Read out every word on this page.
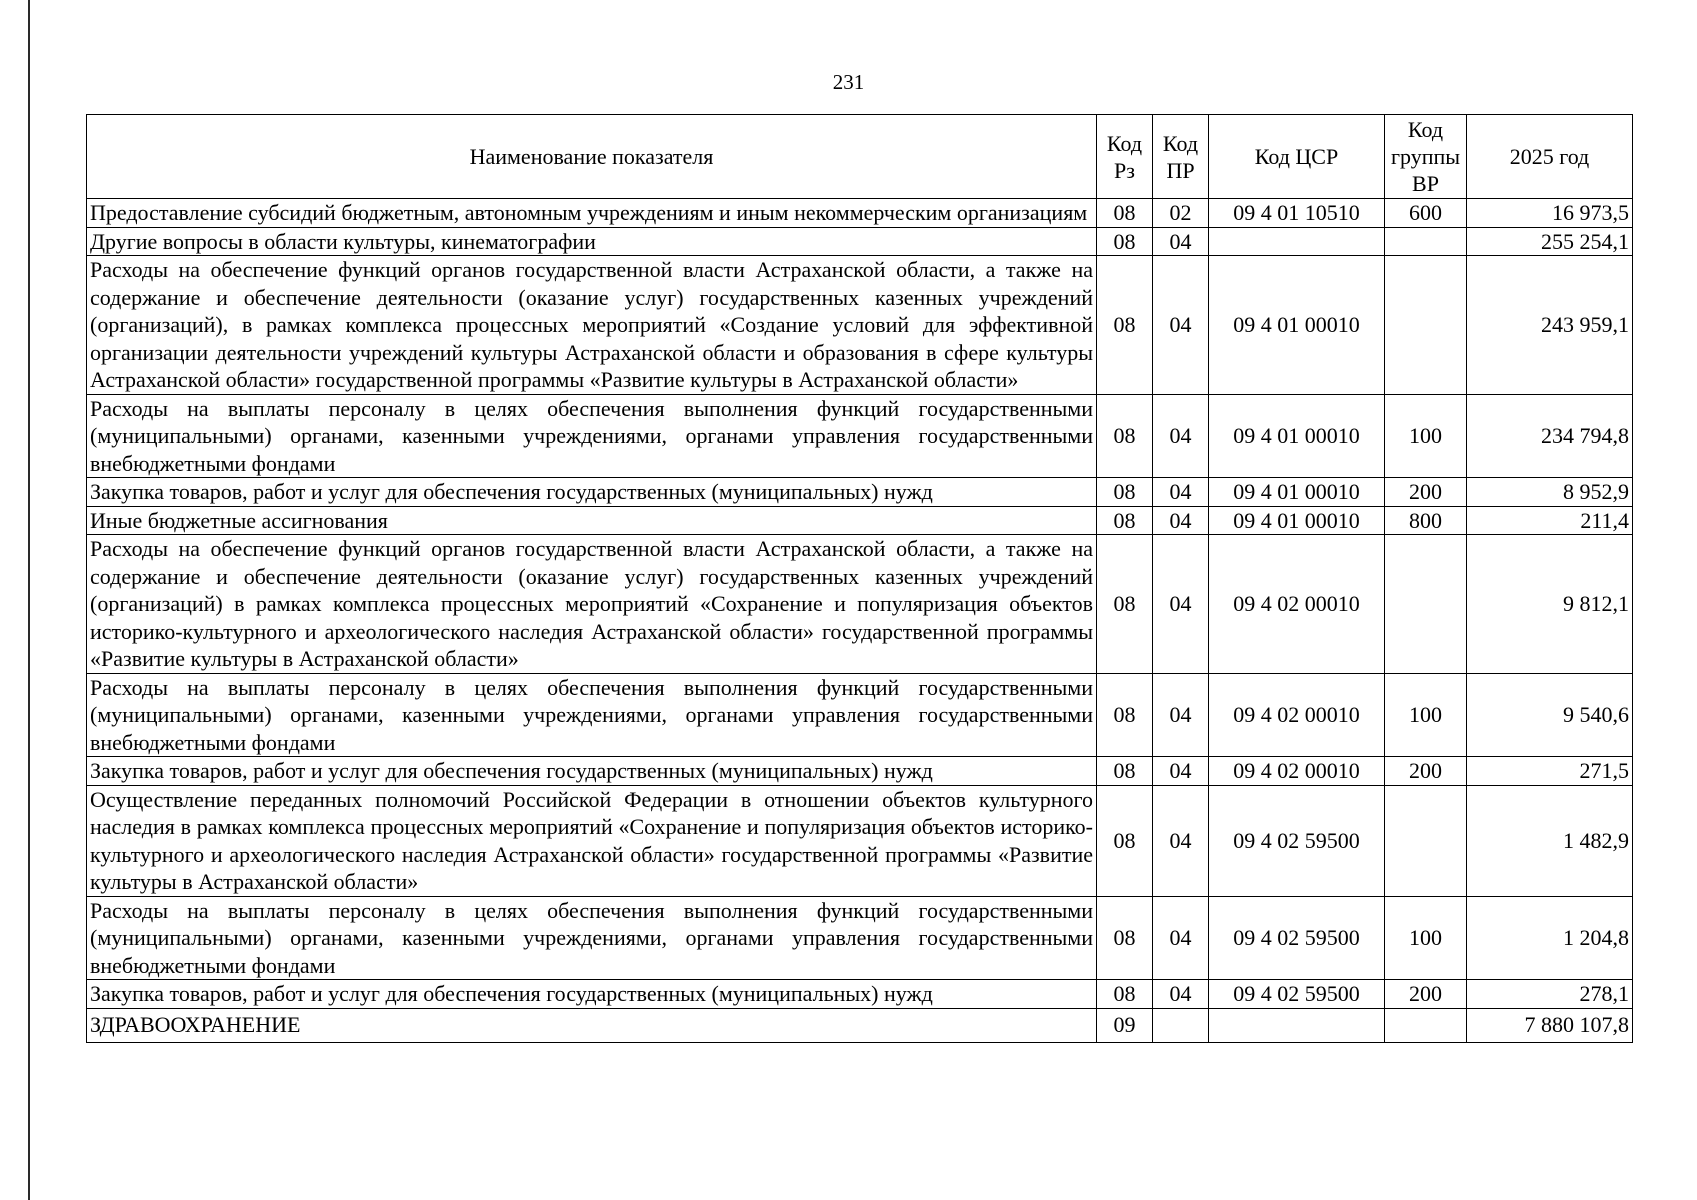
231
Наименование показателя	Код Рз	Код ПР	Код ЦСР	Код группы ВР	2025 год
Предоставление субсидий бюджетным, автономным учреждениям и иным некоммерческим организациям	08	02	09 4 01 10510	600	16 973,5
Другие вопросы в области культуры, кинематографии	08	04			255 254,1
Расходы на обеспечение функций органов государственной власти Астраханской области, а также на содержание и обеспечение деятельности (оказание услуг) государственных казенных учреждений (организаций), в рамках комплекса процессных мероприятий «Создание условий для эффективной организации деятельности учреждений культуры Астраханской области и образования в сфере культуры Астраханской области» государственной программы «Развитие культуры в Астраханской области»	08	04	09 4 01 00010		243 959,1
Расходы на выплаты персоналу в целях обеспечения выполнения функций государственными (муниципальными) органами, казенными учреждениями, органами управления государственными внебюджетными фондами	08	04	09 4 01 00010	100	234 794,8
Закупка товаров, работ и услуг для обеспечения государственных (муниципальных) нужд	08	04	09 4 01 00010	200	8 952,9
Иные бюджетные ассигнования	08	04	09 4 01 00010	800	211,4
Расходы на обеспечение функций органов государственной власти Астраханской области, а также на содержание и обеспечение деятельности (оказание услуг) государственных казенных учреждений (организаций) в рамках комплекса процессных мероприятий «Сохранение и популяризация объектов историко-культурного и археологического наследия Астраханской области» государственной программы «Развитие культуры в Астраханской области»	08	04	09 4 02 00010		9 812,1
Расходы на выплаты персоналу в целях обеспечения выполнения функций государственными (муниципальными) органами, казенными учреждениями, органами управления государственными внебюджетными фондами	08	04	09 4 02 00010	100	9 540,6
Закупка товаров, работ и услуг для обеспечения государственных (муниципальных) нужд	08	04	09 4 02 00010	200	271,5
Осуществление переданных полномочий Российской Федерации в отношении объектов культурного наследия в рамках комплекса процессных мероприятий «Сохранение и популяризация объектов историко-культурного и археологического наследия Астраханской области» государственной программы «Развитие культуры в Астраханской области»	08	04	09 4 02 59500		1 482,9
Расходы на выплаты персоналу в целях обеспечения выполнения функций государственными (муниципальными) органами, казенными учреждениями, органами управления государственными внебюджетными фондами	08	04	09 4 02 59500	100	1 204,8
Закупка товаров, работ и услуг для обеспечения государственных (муниципальных) нужд	08	04	09 4 02 59500	200	278,1
ЗДРАВООХРАНЕНИЕ	09				7 880 107,8
